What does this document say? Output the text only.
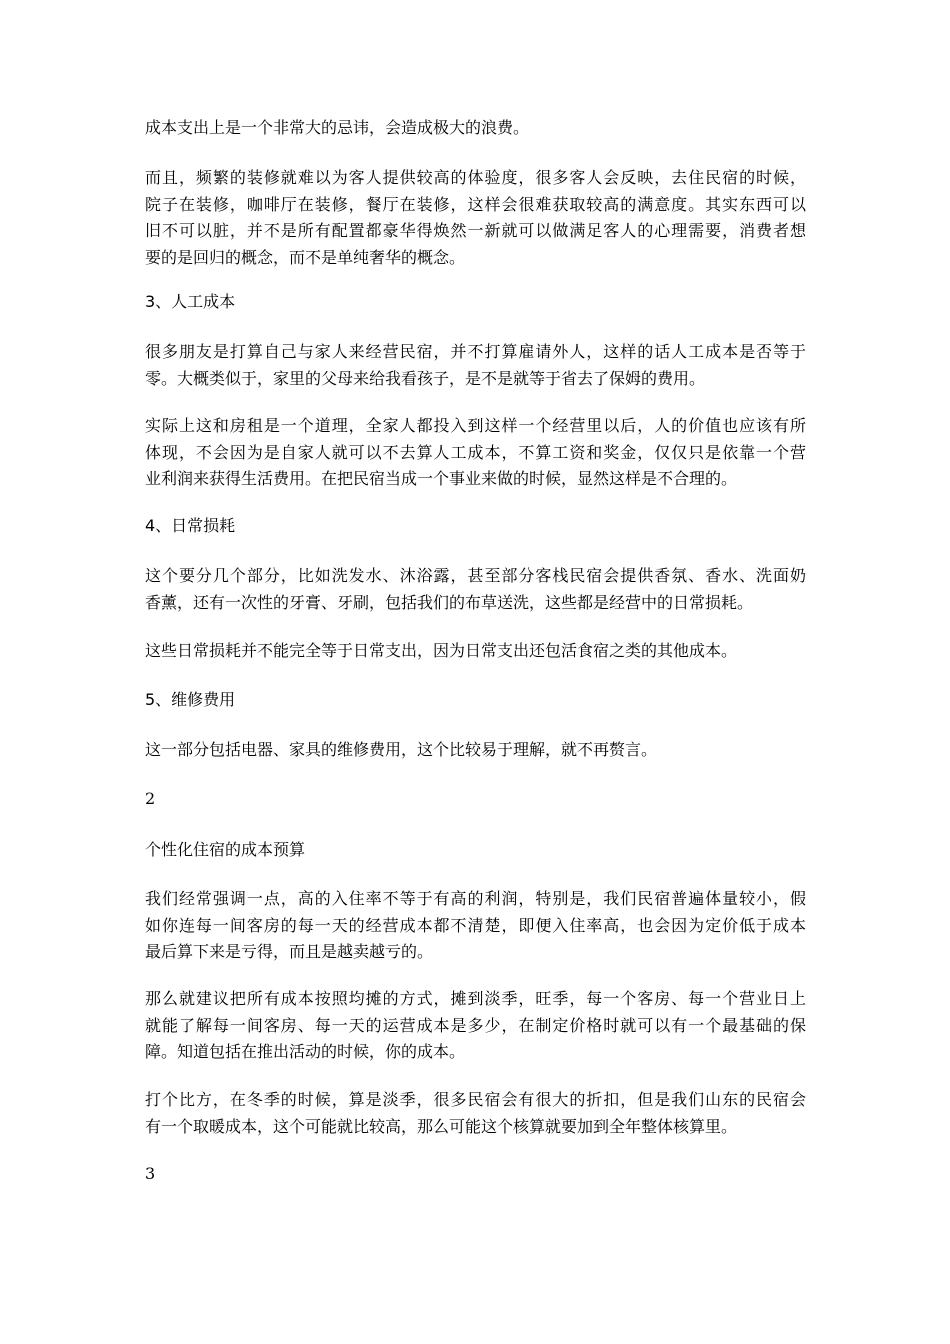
成本支出上是一个非常大的忌讳，会造成极大的浪费。
而且，频繁的装修就难以为客人提供较高的体验度，很多客人会反映，去住民宿的时候，
院子在装修，咖啡厅在装修，餐厅在装修，这样会很难获取较高的满意度。其实东西可以
旧不可以脏，并不是所有配置都豪华得焕然一新就可以做满足客人的心理需要，消费者想
要的是回归的概念，而不是单纯奢华的概念。
3、人工成本
很多朋友是打算自己与家人来经营民宿，并不打算雇请外人，这样的话人工成本是否等于
零。大概类似于，家里的父母来给我看孩子，是不是就等于省去了保姆的费用。
实际上这和房租是一个道理，全家人都投入到这样一个经营里以后，人的价值也应该有所
体现，不会因为是自家人就可以不去算人工成本，不算工资和奖金，仅仅只是依靠一个营
业利润来获得生活费用。在把民宿当成一个事业来做的时候，显然这样是不合理的。
4、日常损耗
这个要分几个部分，比如洗发水、沐浴露，甚至部分客栈民宿会提供香氛、香水、洗面奶
香薰，还有一次性的牙膏、牙刷，包括我们的布草送洗，这些都是经营中的日常损耗。
这些日常损耗并不能完全等于日常支出，因为日常支出还包活食宿之类的其他成本。
5、维修费用
这一部分包括电器、家具的维修费用，这个比较易于理解，就不再赘言。
2
个性化住宿的成本预算
我们经常强调一点，高的入住率不等于有高的利润，特别是，我们民宿普遍体量较小，假
如你连每一间客房的每一天的经营成本都不清楚，即便入住率高，也会因为定价低于成本
最后算下来是亏得，而且是越卖越亏的。
那么就建议把所有成本按照均摊的方式，摊到淡季，旺季，每一个客房、每一个营业日上
就能了解每一间客房、每一天的运营成本是多少，在制定价格时就可以有一个最基础的保
障。知道包括在推出活动的时候，你的成本。
打个比方，在冬季的时候，算是淡季，很多民宿会有很大的折扣，但是我们山东的民宿会
有一个取暖成本，这个可能就比较高，那么可能这个核算就要加到全年整体核算里。
3
